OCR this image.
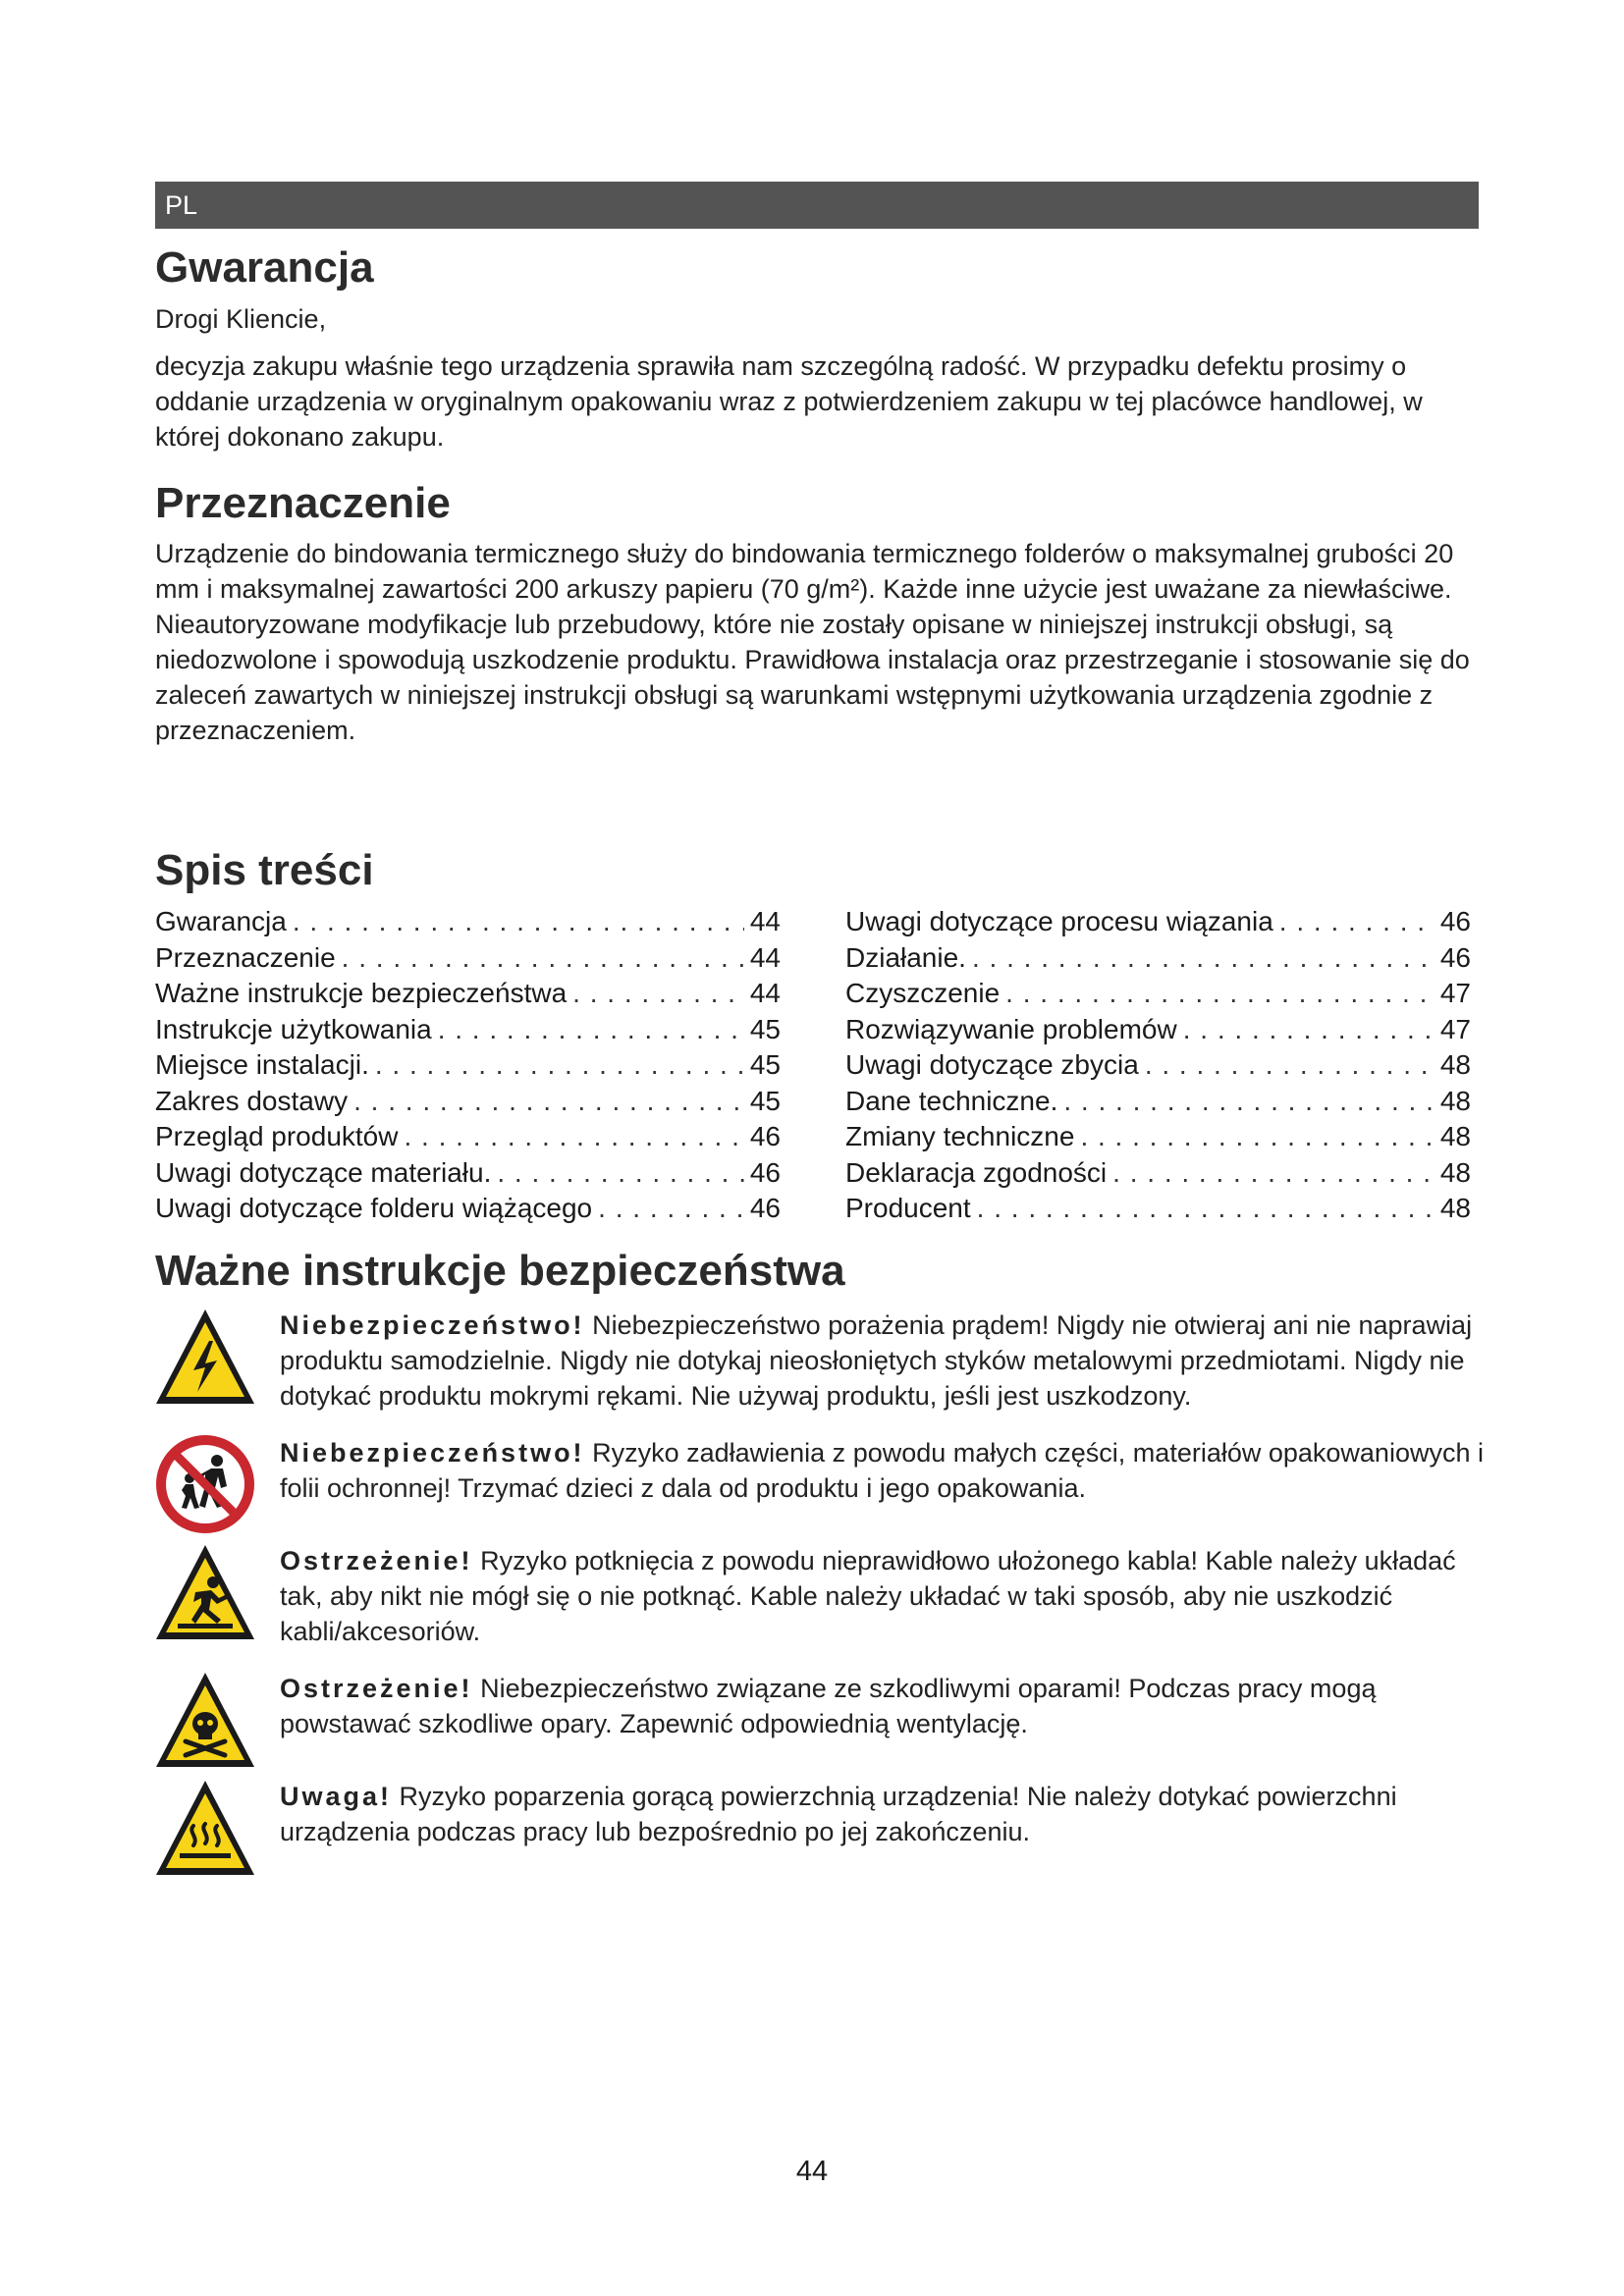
PL
Gwarancja

Drogi Kliencie,

decyzja zakupu właśnie tego urządzenia sprawiła nam szczególną radość. W przypadku defektu prosimy o oddanie urządzenia w oryginalnym opakowaniu wraz z potwierdzeniem zakupu w tej placówce handlowej, w której dokonano zakupu.

Przeznaczenie

Urządzenie do bindowania termicznego służy do bindowania termicznego folderów o maksymalnej grubości 20 mm i maksymalnej zawartości 200 arkuszy papieru (70 g/m²). Każde inne użycie jest uważane za niewłaściwe. Nieautoryzowane modyfikacje lub przebudowy, które nie zostały opisane w niniejszej instrukcji obsługi, są niedozwolone i spowodują uszkodzenie produktu. Prawidłowa instalacja oraz przestrzeganie i stosowanie się do zaleceń zawartych w niniejszej instrukcji obsługi są warunkami wstępnymi użytkowania urządzenia zgodnie z przeznaczeniem.

Spis treści
Gwarancja . . .	44
Przeznaczenie . . .	44
Ważne instrukcje bezpieczeństwa . . .	44
Instrukcje użytkowania . . .	45
Miejsce instalacji. . . .	45
Zakres dostawy . . .	45
Przegląd produktów . . .	46
Uwagi dotyczące materiału. . . .	46
Uwagi dotyczące folderu wiążącego . . .	46
Uwagi dotyczące procesu wiązania . . .	46
Działanie. . . .	46
Czyszczenie . . .	47
Rozwiązywanie problemów . . .	47
Uwagi dotyczące zbycia . . .	48
Dane techniczne. . . .	48
Zmiany techniczne . . .	48
Deklaracja zgodności . . .	48
Producent . . .	48
Ważne instrukcje bezpieczeństwa
Niebezpieczeństwo! Niebezpieczeństwo porażenia prądem! Nigdy nie otwieraj ani nie naprawiaj produktu samodzielnie. Nigdy nie dotykaj nieosłoniętych styków metalowymi przedmiotami. Nigdy nie dotykać produktu mokrymi rękami. Nie używaj produktu, jeśli jest uszkodzony.
Niebezpieczeństwo! Ryzyko zadławienia z powodu małych części, materiałów opakowaniowych i folii ochronnej! Trzymać dzieci z dala od produktu i jego opakowania.
Ostrzeżenie! Ryzyko potknięcia z powodu nieprawidłowo ułożonego kabla! Kable należy układać tak, aby nikt nie mógł się o nie potknąć. Kable należy układać w taki sposób, aby nie uszkodzić kabli/akcesoriów.
Ostrzeżenie! Niebezpieczeństwo związane ze szkodliwymi oparami! Podczas pracy mogą powstawać szkodliwe opary. Zapewnić odpowiednią wentylację.
Uwaga! Ryzyko poparzenia gorącą powierzchnią urządzenia! Nie należy dotykać powierzchni urządzenia podczas pracy lub bezpośrednio po jej zakończeniu.
44
